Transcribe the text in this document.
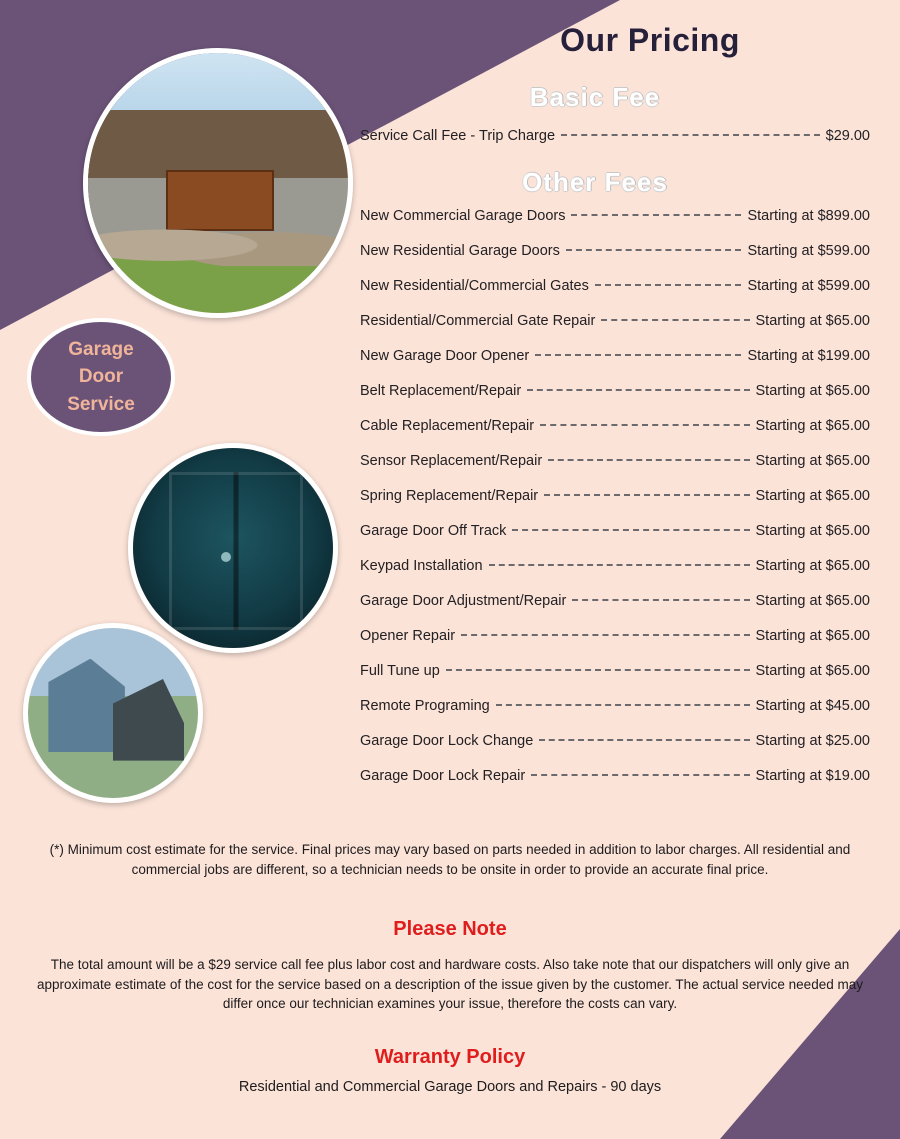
Garage
Door
Service
Our Pricing
Basic Fee
Service Call Fee - Trip Charge	$29.00
Other Fees
New Commercial Garage Doors	Starting at $899.00
New Residential Garage Doors	Starting at $599.00
New Residential/Commercial Gates	Starting at $599.00
Residential/Commercial Gate Repair	Starting at $65.00
New Garage Door Opener	Starting at $199.00
Belt Replacement/Repair	Starting at $65.00
Cable Replacement/Repair	Starting at $65.00
Sensor Replacement/Repair	Starting at $65.00
Spring Replacement/Repair	Starting at $65.00
Garage Door Off Track	Starting at $65.00
Keypad Installation	Starting at $65.00
Garage Door Adjustment/Repair	Starting at $65.00
Opener Repair	Starting at $65.00
Full Tune up	Starting at $65.00
Remote Programing	Starting at $45.00
Garage Door Lock Change	Starting at $25.00
Garage Door Lock Repair	Starting at $19.00
(*) Minimum cost estimate for the service. Final prices may vary based on parts needed in addition to labor charges. All residential and commercial jobs are different, so a technician needs to be onsite in order to provide an accurate final price.
Please Note
The total amount will be a $29 service call fee plus labor cost and hardware costs. Also take note that our dispatchers will only give an approximate estimate of the cost for the service based on a description of the issue given by the customer. The actual service needed may differ once our technician examines your issue, therefore the costs can vary.
Warranty Policy
Residential and Commercial Garage Doors and Repairs - 90 days
